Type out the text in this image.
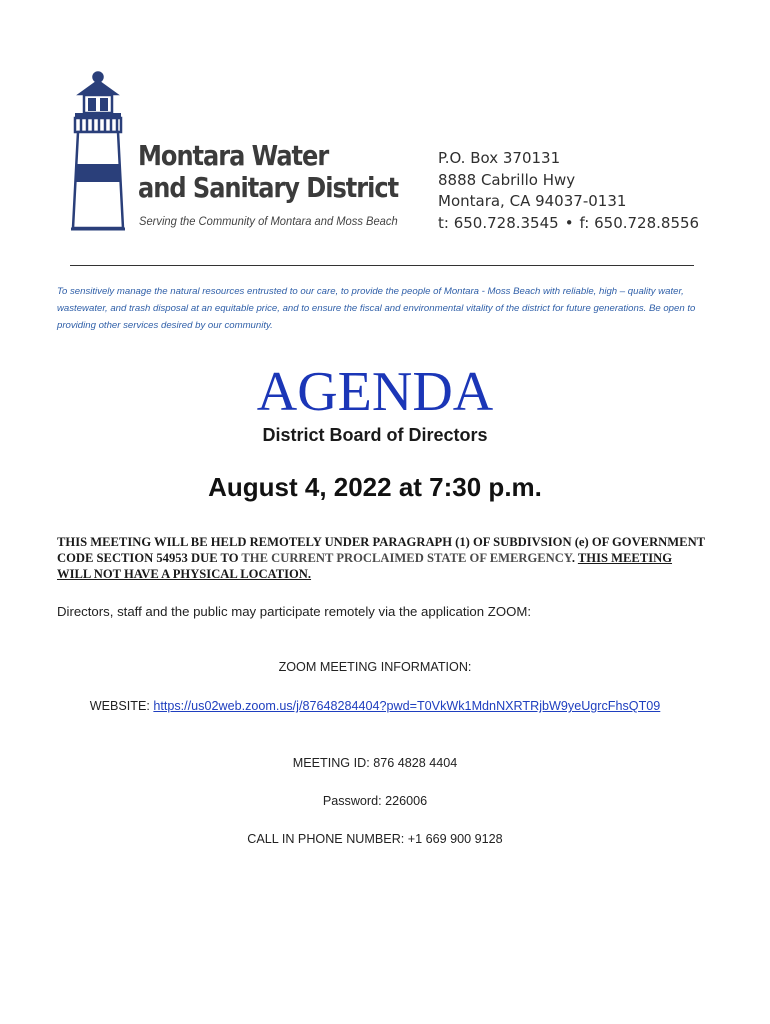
Montara Water
and Sanitary District
Serving the Community of Montara and Moss Beach
P.O. Box 370131
8888 Cabrillo Hwy
Montara, CA 94037-0131
t: 650.728.3545 • f: 650.728.8556
To sensitively manage the natural resources entrusted to our care, to provide the people of Montara - Moss Beach with reliable, high – quality water, wastewater, and trash disposal at an equitable price, and to ensure the fiscal and environmental vitality of the district for future generations. Be open to providing other services desired by our community.
AGENDA
District Board of Directors
August 4, 2022 at 7:30 p.m.
THIS MEETING WILL BE HELD REMOTELY UNDER PARAGRAPH (1) OF SUBDIVSION (e) OF GOVERNMENT CODE SECTION 54953 DUE TO THE CURRENT PROCLAIMED STATE OF EMERGENCY. THIS MEETING WILL NOT HAVE A PHYSICAL LOCATION.
Directors, staff and the public may participate remotely via the application ZOOM:
ZOOM MEETING INFORMATION:
WEBSITE: https://us02web.zoom.us/j/87648284404?pwd=T0VkWk1MdnNXRTRjbW9yeUgrcFhsQT09
MEETING ID: 876 4828 4404
Password: 226006
CALL IN PHONE NUMBER: +1 669 900 9128
